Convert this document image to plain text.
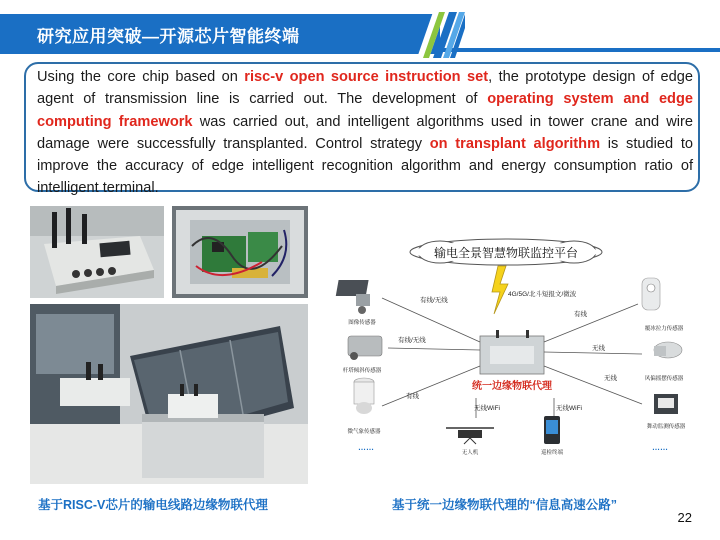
研究应用突破—开源芯片智能终端

Using the core chip based on risc-v open source instruction set, the prototype design of edge agent of transmission line is carried out. The development of operating system and edge computing framework was carried out, and intelligent algorithms used in tower crane and wire damage were successfully transplanted. Control strategy on transplant algorithm is studied to improve the accuracy of edge intelligent recognition algorithm and energy consumption ratio of intelligent terminal.

输电全景智慧物联监控平台
4G/5G/北斗短报文/微波
统一边缘物联代理
有线/无线
有线/无线
有线
有线
无线
无线
无线WiFi	无线WiFi
图像传感器
杆塔倾斜传感器
微气象传感器
……
覆冰拉力传感器
风偏摇摆传感器
舞动监测传感器
……
无人机	巡检终端
基于RISC-V芯片的输电线路边缘物联代理	基于统一边缘物联代理的“信息高速公路”
22
